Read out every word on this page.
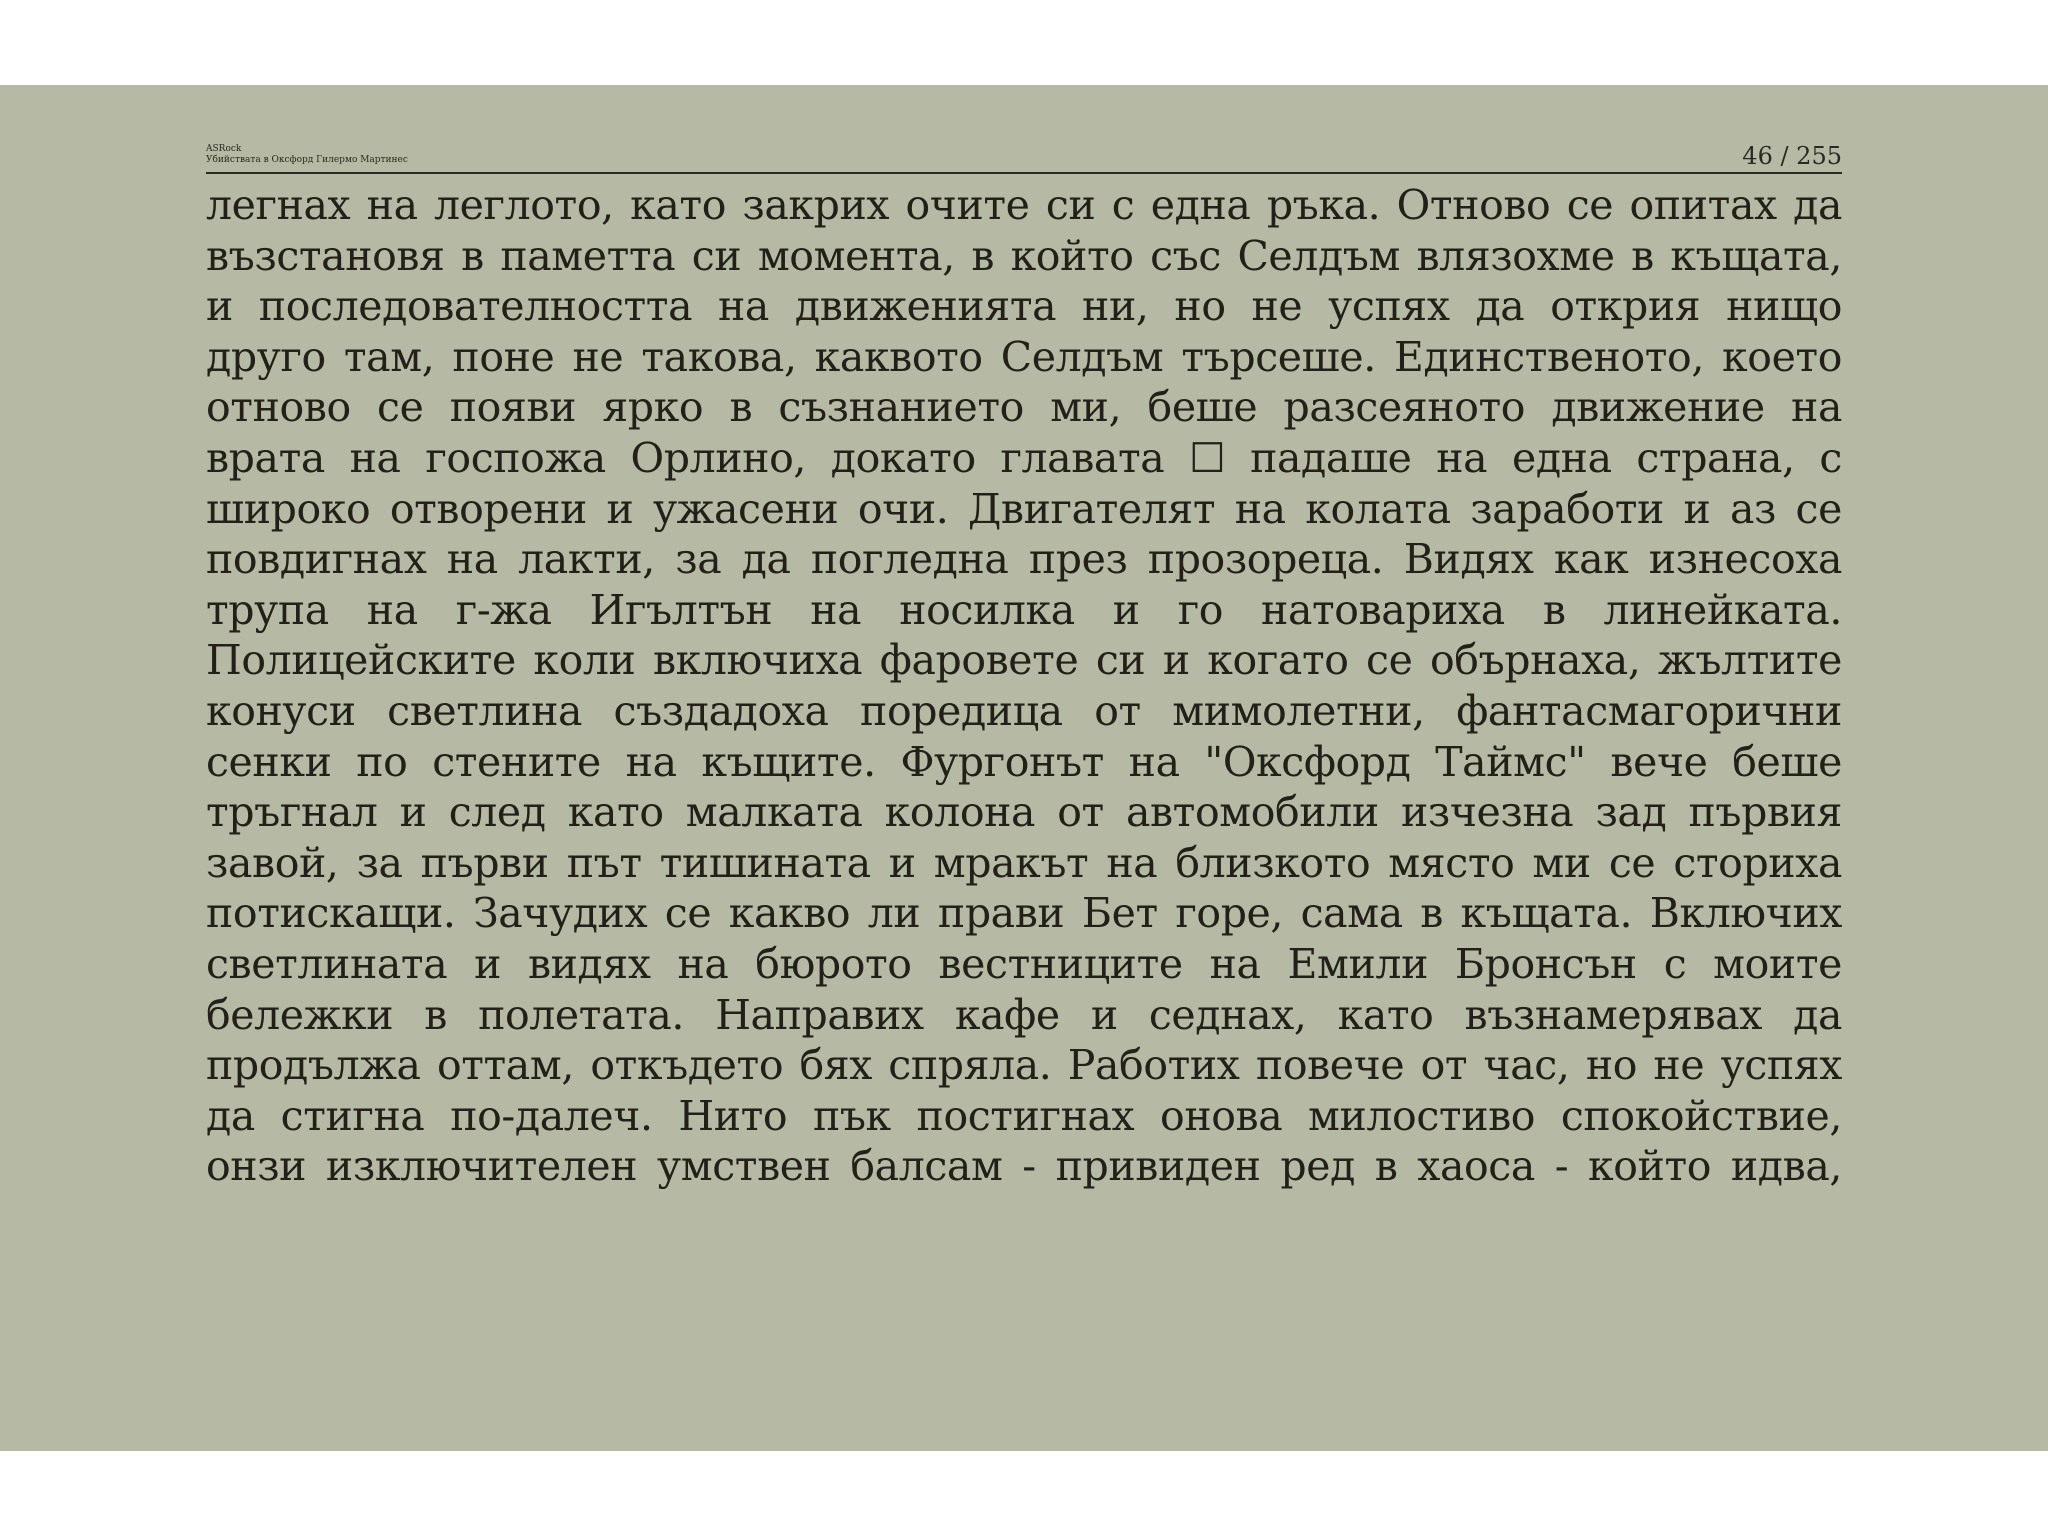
ASRock
Убийствата в Оксфорд Гилермо Мартинес	46 / 255
легнах на леглото, като закрих очите си с една ръка. Отново се опитах да
възстановя в паметта си момента, в който със Селдъм влязохме в къщата,
и последователността на движенията ни, но не успях да открия нищо
друго там, поне не такова, каквото Селдъм търсеше. Единственото, което
отново се появи ярко в съзнанието ми, беше разсеяното движение на
врата на госпожа Орлино, докато главата ☐ падаше на една страна, с
широко отворени и ужасени очи. Двигателят на колата заработи и аз се
повдигнах на лакти, за да погледна през прозореца. Видях как изнесоха
трупа на г-жа Игълтън на носилка и го натовариха в линейката.
Полицейските коли включиха фаровете си и когато се обърнаха, жълтите
конуси светлина създадоха поредица от мимолетни, фантасмагорични
сенки по стените на къщите. Фургонът на "Оксфорд Таймс" вече беше
тръгнал и след като малката колона от автомобили изчезна зад първия
завой, за първи път тишината и мракът на близкото място ми се сториха
потискащи. Зачудих се какво ли прави Бет горе, сама в къщата. Включих
светлината и видях на бюрото вестниците на Емили Бронсън с моите
бележки в полетата. Направих кафе и седнах, като възнамерявах да
продължа оттам, откъдето бях спряла. Работих повече от час, но не успях
да стигна по-далеч. Нито пък постигнах онова милостиво спокойствие,
онзи изключителен умствен балсам - привиден ред в хаоса - който идва,
